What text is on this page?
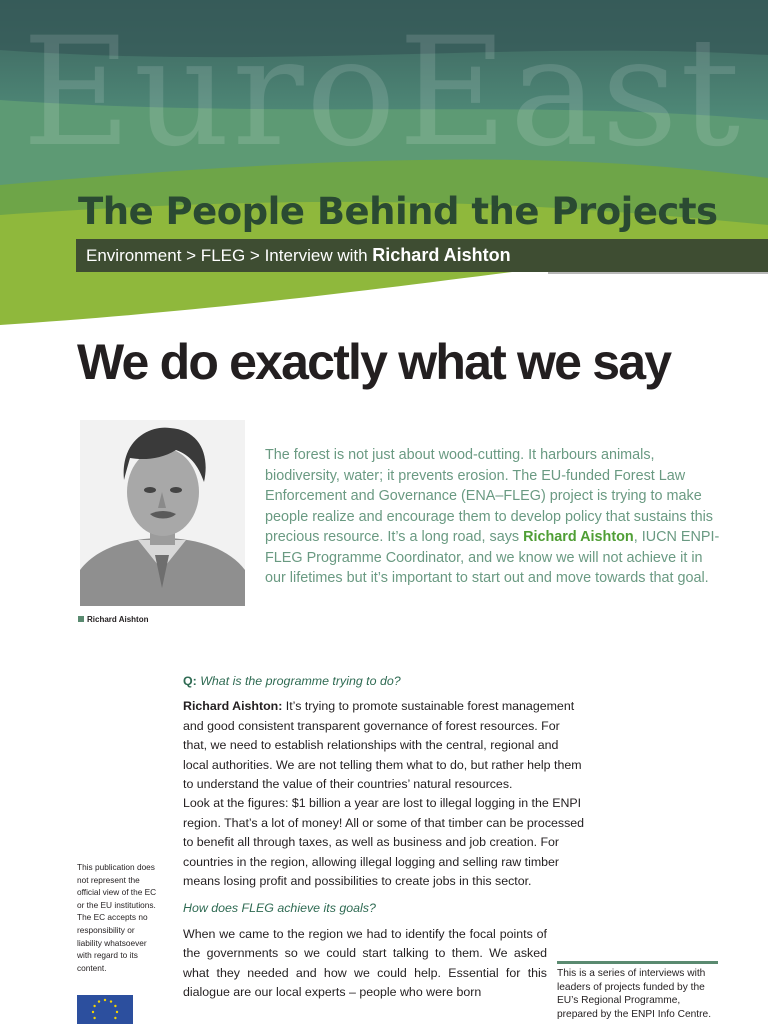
EuroEast
The People Behind the Projects
Environment > FLEG > Interview with Richard Aishton
We do exactly what we say
Richard Aishton
The forest is not just about wood-cutting. It harbours animals, biodiversity, water; it prevents erosion. The EU-funded Forest Law Enforcement and Governance (ENA–FLEG) project is trying to make people realize and encourage them to develop policy that sustains this precious resource. It’s a long road, says Richard Aishton, IUCN ENPI-FLEG Programme Coordinator, and we know we will not achieve it in our lifetimes but it’s important to start out and move towards that goal.

Q: What is the programme trying to do?

Richard Aishton: It’s trying to promote sustainable forest management and good consistent transparent governance of forest resources. For that, we need to establish relationships with the central, regional and local authorities. We are not telling them what to do, but rather help them to understand the value of their countries’ natural resources.

Look at the figures: $1 billion a year are lost to illegal logging in the ENPI region. That’s a lot of money! All or some of that timber can be processed to benefit all through taxes, as well as business and job creation. For countries in the region, allowing illegal logging and selling raw timber means losing profit and possibilities to create jobs in this sector.

How does FLEG achieve its goals?

When we came to the region we had to identify the focal points of the governments so we could start talking to them. We asked what they needed and how we could help. Essential for this dialogue are our local experts – people who were born

This publication does not represent the official view of the EC or the EU institutions. The EC accepts no responsibility or liability whatsoever with regard to its content.
This is a series of interviews with leaders of projects funded by the EU’s Regional Programme, prepared by the ENPI Info Centre.
